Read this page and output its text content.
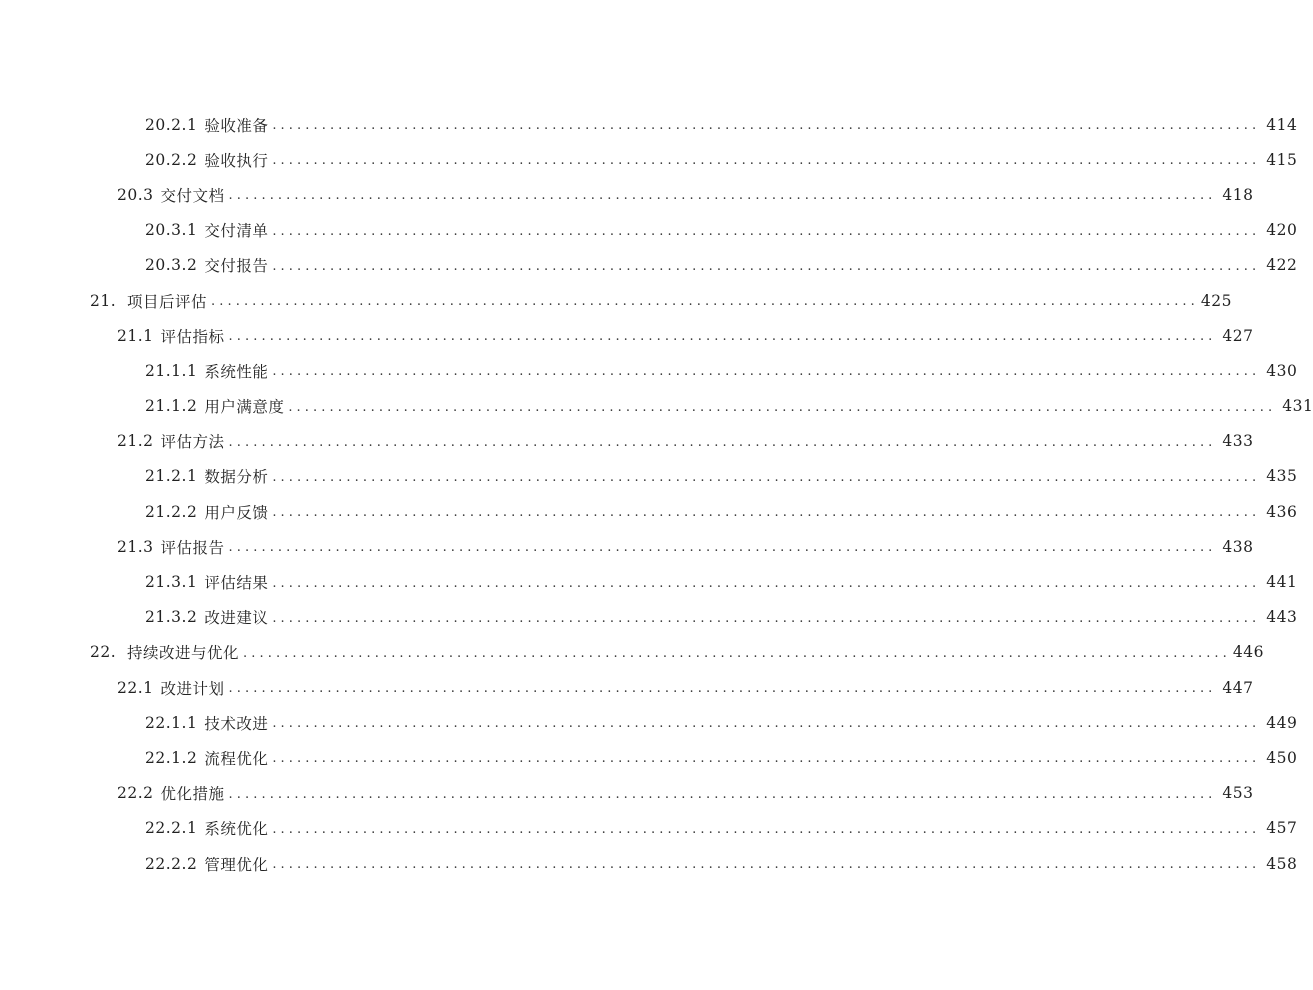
20.2.1 验收准备 ........................................................................................................................ 414
20.2.2 验收执行 ........................................................................................................................ 415
20.3 交付文档 ........................................................................................................................ 418
20.3.1 交付清单 ........................................................................................................................ 420
20.3.2 交付报告 ........................................................................................................................ 422
21. 项目后评估 ........................................................................................................................ 425
21.1 评估指标 ........................................................................................................................ 427
21.1.1 系统性能 ........................................................................................................................ 430
21.1.2 用户满意度 ........................................................................................................................ 431
21.2 评估方法 ........................................................................................................................ 433
21.2.1 数据分析 ........................................................................................................................ 435
21.2.2 用户反馈 ........................................................................................................................ 436
21.3 评估报告 ........................................................................................................................ 438
21.3.1 评估结果 ........................................................................................................................ 441
21.3.2 改进建议 ........................................................................................................................ 443
22. 持续改进与优化 ........................................................................................................................ 446
22.1 改进计划 ........................................................................................................................ 447
22.1.1 技术改进 ........................................................................................................................ 449
22.1.2 流程优化 ........................................................................................................................ 450
22.2 优化措施 ........................................................................................................................ 453
22.2.1 系统优化 ........................................................................................................................ 457
22.2.2 管理优化 ........................................................................................................................ 458
